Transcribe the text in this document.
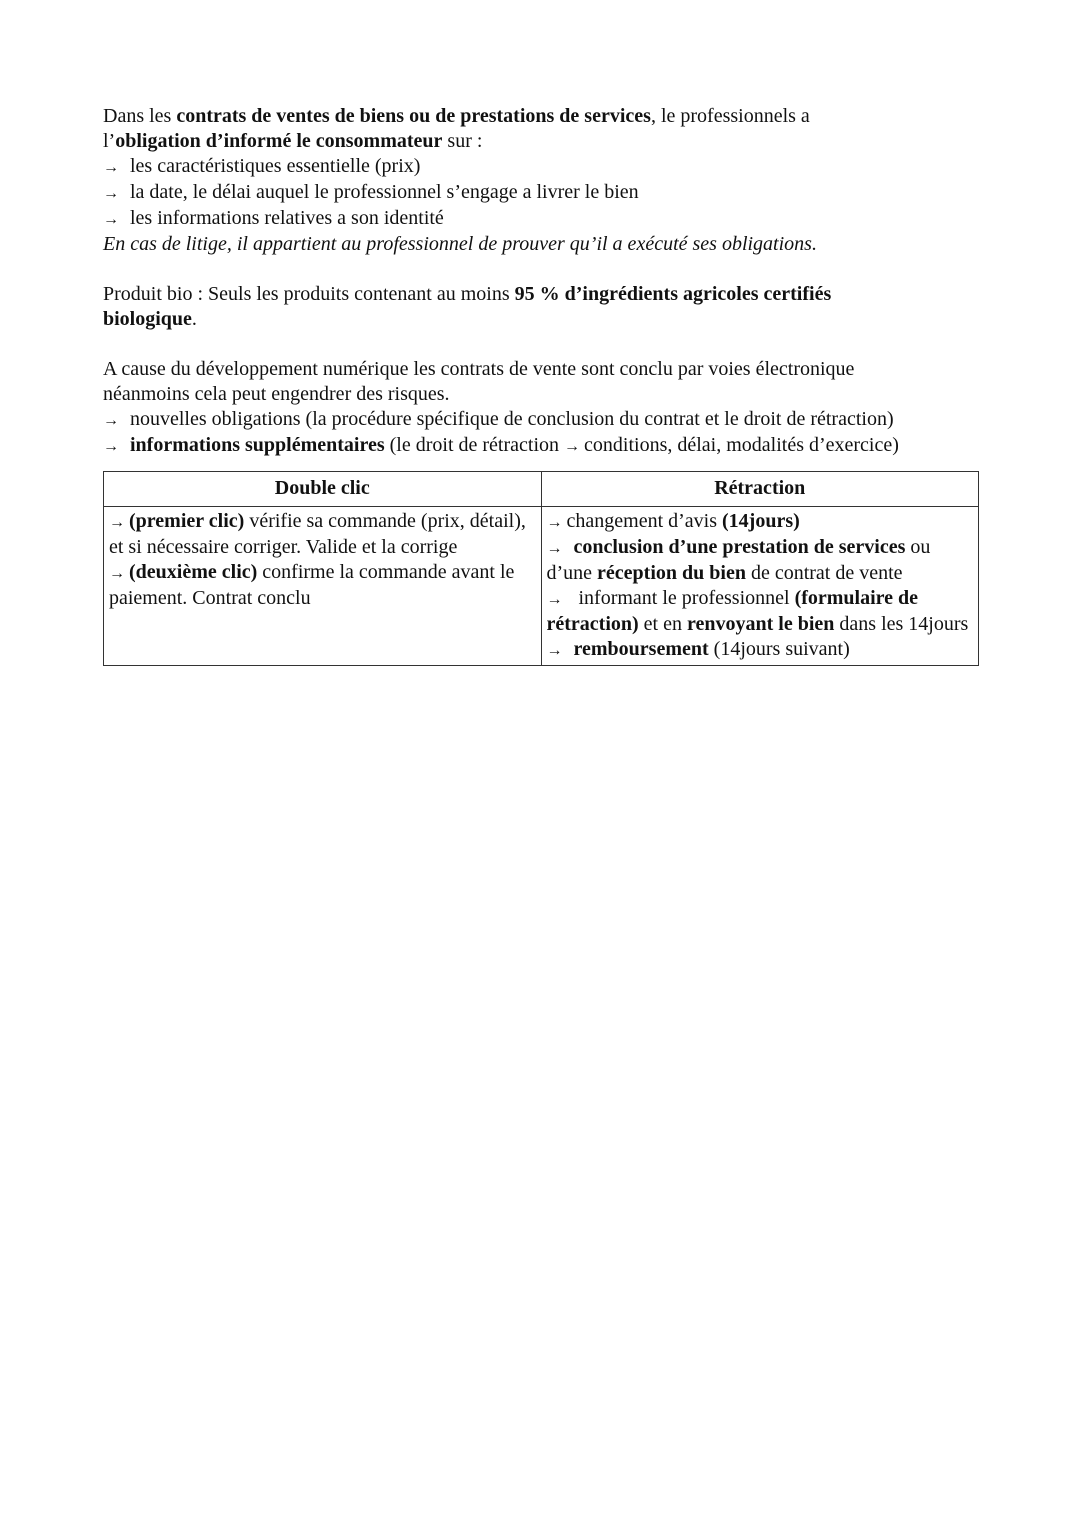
Dans les contrats de ventes de biens ou de prestations de services, le professionnels a
l’obligation d’informé le consommateur sur :

→ les caractéristiques essentielle (prix)

→ la date, le délai auquel le professionnel s’engage a livrer le bien

→ les informations relatives a son identité

En cas de litige, il appartient au professionnel de prouver qu’il a exécuté ses obligations.

Produit bio : Seuls les produits contenant au moins 95 % d’ingrédients agricoles certifiés
biologique.

A cause du développement numérique les contrats de vente sont conclu par voies électronique
néanmoins cela peut engendrer des risques.

→ nouvelles obligations (la procédure spécifique de conclusion du contrat et le droit de rétraction)

→ informations supplémentaires (le droit de rétraction → conditions, délai, modalités d’exercice)

Double clic	Rétraction
→ (premier clic) vérifie sa commande (prix, détail), et si nécessaire corriger. Valide et la corrige
→ (deuxième clic) confirme la commande avant le paiement. Contrat conclu	→ changement d’avis (14jours)
→ conclusion d’une prestation de services ou d’une réception du bien de contrat de vente
→ informant le professionnel (formulaire de rétraction) et en renvoyant le bien dans les 14jours
→ remboursement (14jours suivant)
